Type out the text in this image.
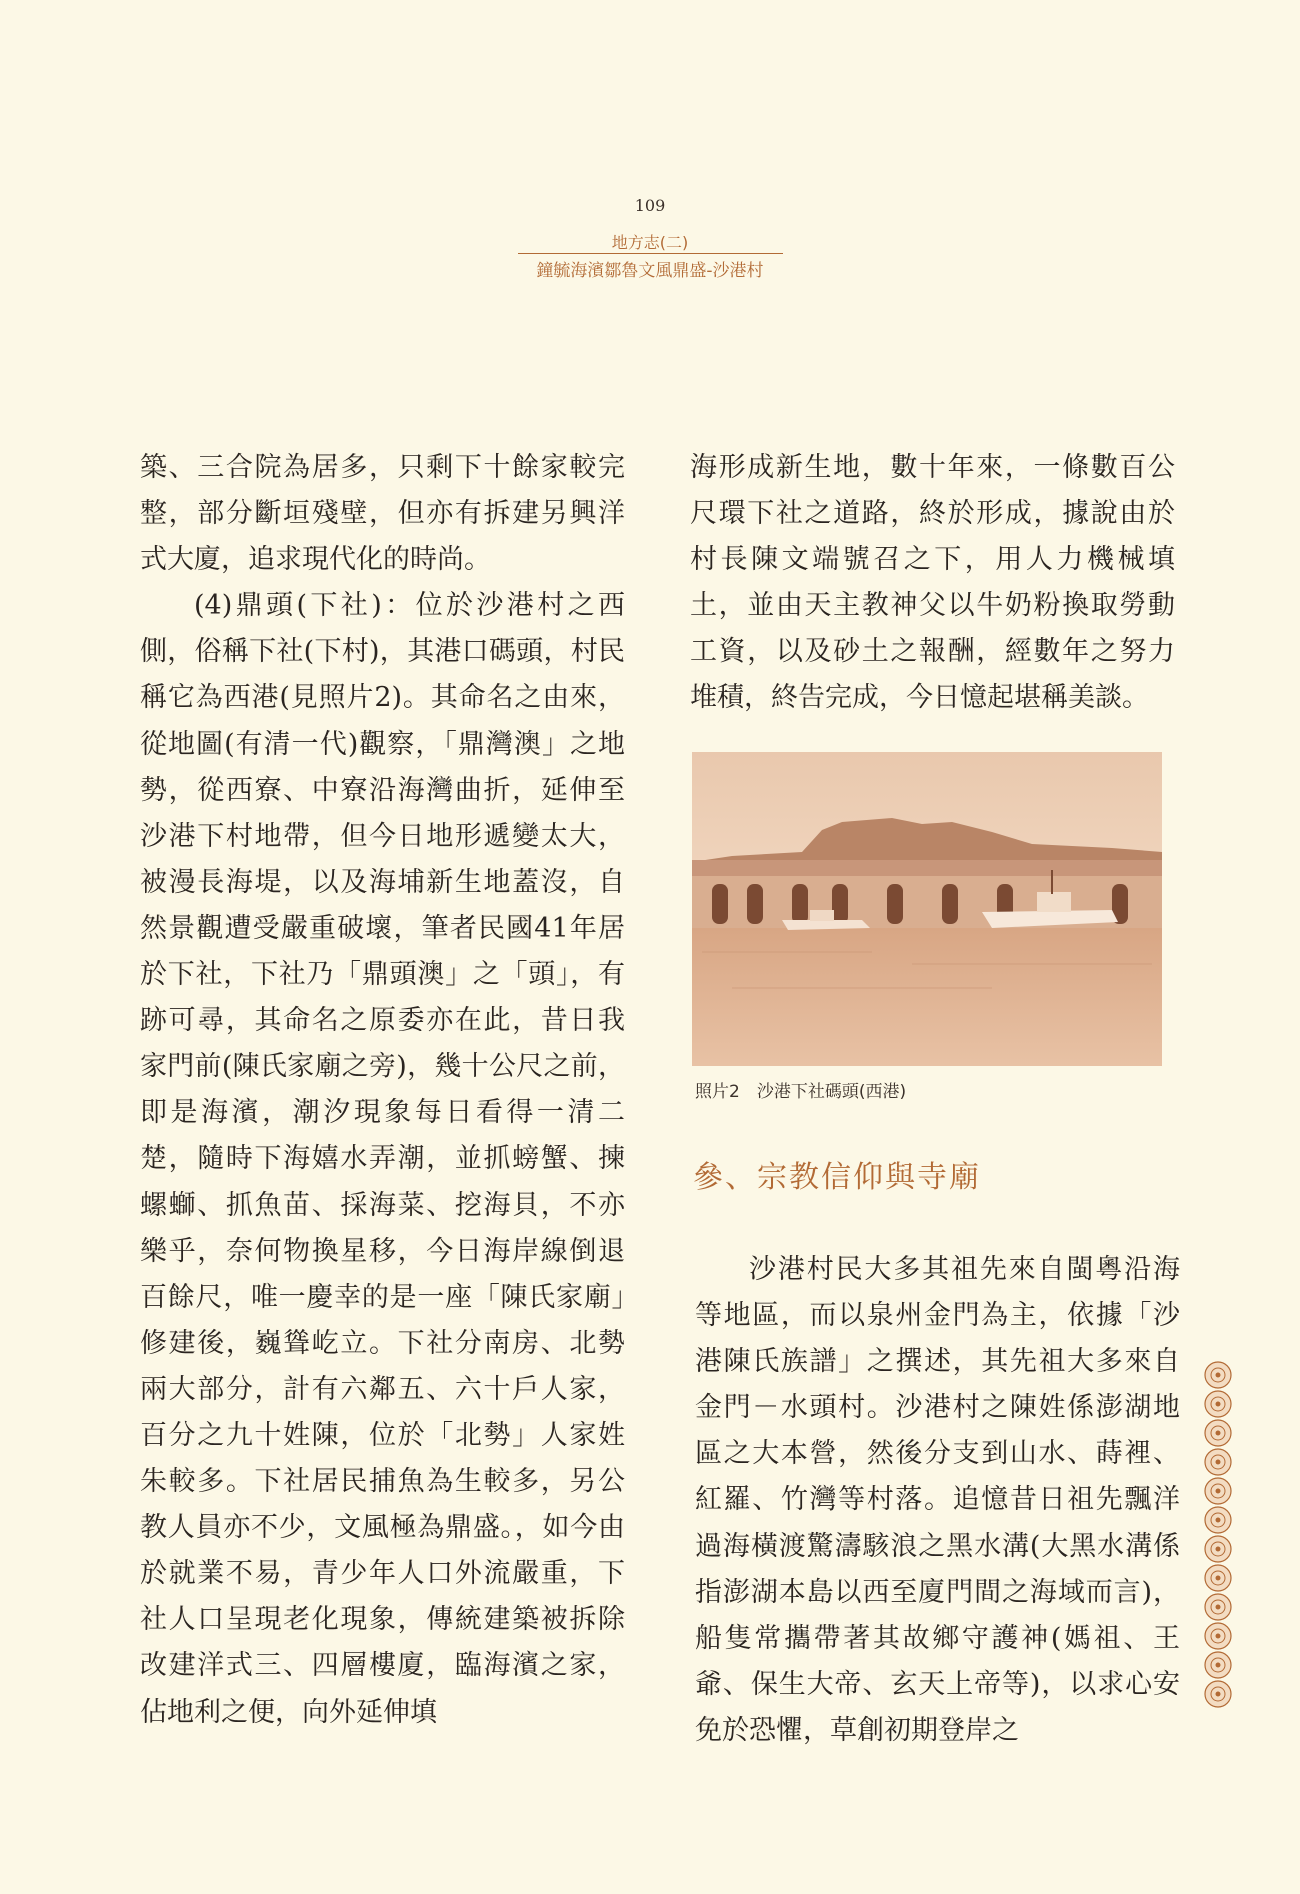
109
地方志(二)
鐘毓海濱鄒魯文風鼎盛-沙港村

築、三合院為居多，只剩下十餘家較完整，部分斷垣殘壁，但亦有拆建另興洋式大廈，追求現代化的時尚。

(4)鼎頭(下社)：位於沙港村之西側，俗稱下社(下村)，其港口碼頭，村民稱它為西港(見照片2)。其命名之由來，從地圖(有清一代)觀察，「鼎灣澳」之地勢，從西寮、中寮沿海灣曲折，延伸至沙港下村地帶，但今日地形遞變太大，被漫長海堤，以及海埔新生地蓋沒，自然景觀遭受嚴重破壞，筆者民國41年居於下社，下社乃「鼎頭澳」之「頭」，有跡可尋，其命名之原委亦在此，昔日我家門前(陳氏家廟之旁)，幾十公尺之前，即是海濱，潮汐現象每日看得一清二楚，隨時下海嬉水弄潮，並抓螃蟹、揀螺螄、抓魚苗、採海菜、挖海貝，不亦樂乎，奈何物換星移，今日海岸線倒退百餘尺，唯一慶幸的是一座「陳氏家廟」修建後，巍聳屹立。下社分南房、北勢兩大部分，計有六鄰五、六十戶人家，百分之九十姓陳，位於「北勢」人家姓朱較多。下社居民捕魚為生較多，另公教人員亦不少，文風極為鼎盛。，如今由於就業不易，青少年人口外流嚴重，下社人口呈現老化現象，傳統建築被拆除改建洋式三、四層樓廈，臨海濱之家，佔地利之便，向外延伸填

海形成新生地，數十年來，一條數百公尺環下社之道路，終於形成，據說由於村長陳文端號召之下，用人力機械填土，並由天主教神父以牛奶粉換取勞動工資，以及砂土之報酬，經數年之努力堆積，終告完成，今日憶起堪稱美談。

照片2　沙港下社碼頭(西港)
參、宗教信仰與寺廟

沙港村民大多其祖先來自閩粵沿海等地區，而以泉州金門為主，依據「沙港陳氏族譜」之撰述，其先祖大多來自金門－水頭村。沙港村之陳姓係澎湖地區之大本營，然後分支到山水、蒔裡、紅羅、竹灣等村落。追憶昔日祖先飄洋過海橫渡驚濤駭浪之黑水溝(大黑水溝係指澎湖本島以西至廈門間之海域而言)，船隻常攜帶著其故鄉守護神(媽祖、王爺、保生大帝、玄天上帝等)，以求心安免於恐懼，草創初期登岸之
